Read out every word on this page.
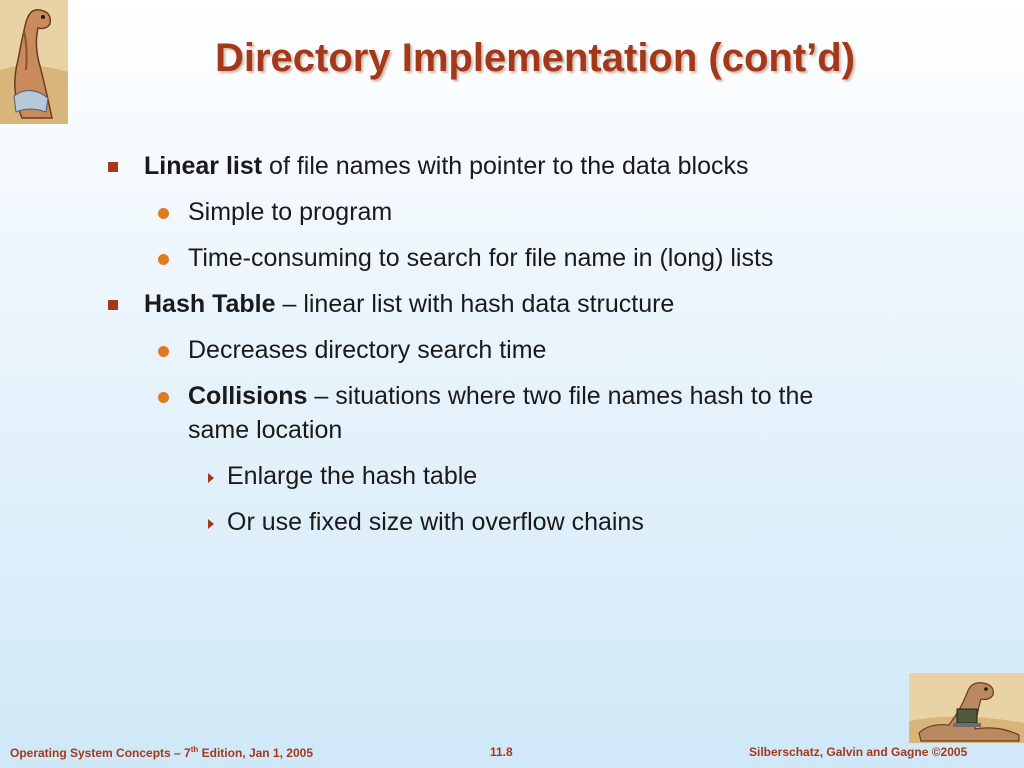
Directory Implementation (cont’d)
Linear list of file names with pointer to the data blocks
Simple to program
Time-consuming to search for file name in (long) lists
Hash Table – linear list with hash data structure
Decreases directory search time
Collisions – situations where two file names hash to the
same location
Enlarge the hash table
Or use fixed size with overflow chains
Operating System Concepts – 7th Edition, Jan 1, 2005	11.8	Silberschatz, Galvin and Gagne ©2005
